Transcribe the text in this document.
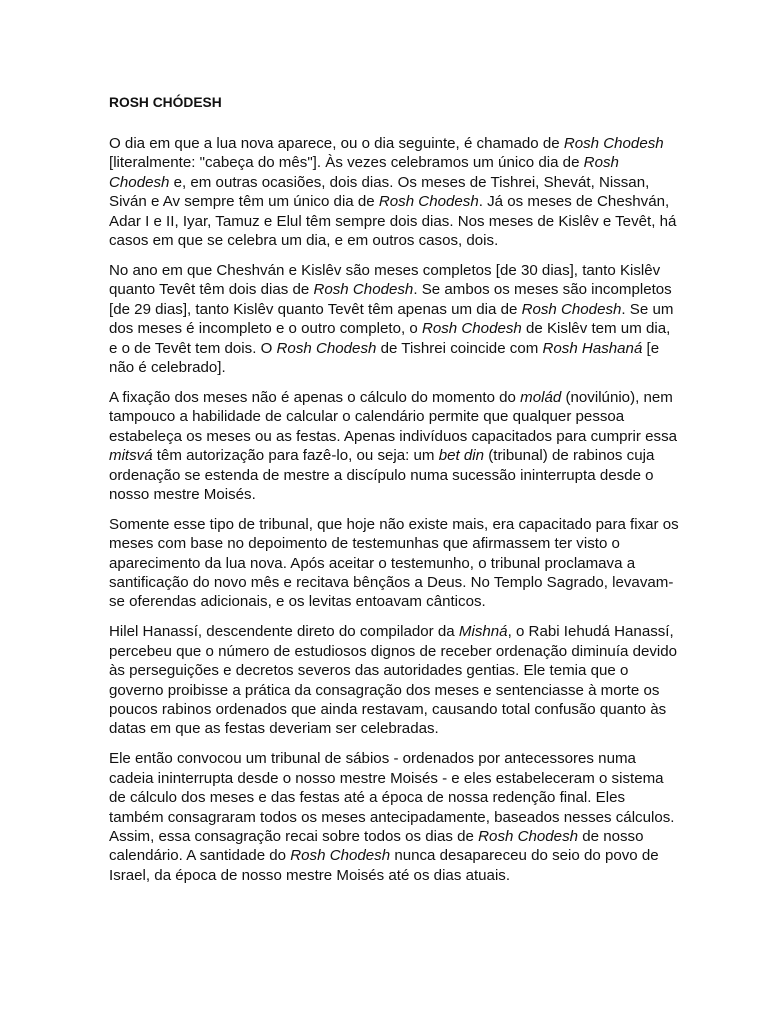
ROSH CHÓDESH

O dia em que a lua nova aparece, ou o dia seguinte, é chamado de Rosh Chodesh [literalmente: "cabeça do mês"]. Às vezes celebramos um único dia de Rosh Chodesh e, em outras ocasiões, dois dias. Os meses de Tishrei, Shevát, Nissan, Siván e Av sempre têm um único dia de Rosh Chodesh. Já os meses de Cheshván, Adar I e II, Iyar, Tamuz e Elul têm sempre dois dias. Nos meses de Kislêv e Tevêt, há casos em que se celebra um dia, e em outros casos, dois.

No ano em que Cheshván e Kislêv são meses completos [de 30 dias], tanto Kislêv quanto Tevêt têm dois dias de Rosh Chodesh. Se ambos os meses são incompletos [de 29 dias], tanto Kislêv quanto Tevêt têm apenas um dia de Rosh Chodesh. Se um dos meses é incompleto e o outro completo, o Rosh Chodesh de Kislêv tem um dia, e o de Tevêt tem dois. O Rosh Chodesh de Tishrei coincide com Rosh Hashaná [e não é celebrado].

A fixação dos meses não é apenas o cálculo do momento do molád (novilúnio), nem tampouco a habilidade de calcular o calendário permite que qualquer pessoa estabeleça os meses ou as festas. Apenas indivíduos capacitados para cumprir essa mitsvá têm autorização para fazê-lo, ou seja: um bet din (tribunal) de rabinos cuja ordenação se estenda de mestre a discípulo numa sucessão ininterrupta desde o nosso mestre Moisés.

Somente esse tipo de tribunal, que hoje não existe mais, era capacitado para fixar os meses com base no depoimento de testemunhas que afirmassem ter visto o aparecimento da lua nova. Após aceitar o testemunho, o tribunal proclamava a santificação do novo mês e recitava bênçãos a Deus. No Templo Sagrado, levavam-se oferendas adicionais, e os levitas entoavam cânticos.

Hilel Hanassí, descendente direto do compilador da Mishná, o Rabi Iehudá Hanassí, percebeu que o número de estudiosos dignos de receber ordenação diminuía devido às perseguições e decretos severos das autoridades gentias. Ele temia que o governo proibisse a prática da consagração dos meses e sentenciasse à morte os poucos rabinos ordenados que ainda restavam, causando total confusão quanto às datas em que as festas deveriam ser celebradas.

Ele então convocou um tribunal de sábios - ordenados por antecessores numa cadeia ininterrupta desde o nosso mestre Moisés - e eles estabeleceram o sistema de cálculo dos meses e das festas até a época de nossa redenção final. Eles também consagraram todos os meses antecipadamente, baseados nesses cálculos. Assim, essa consagração recai sobre todos os dias de Rosh Chodesh de nosso calendário. A santidade do Rosh Chodesh nunca desapareceu do seio do povo de Israel, da época de nosso mestre Moisés até os dias atuais.
